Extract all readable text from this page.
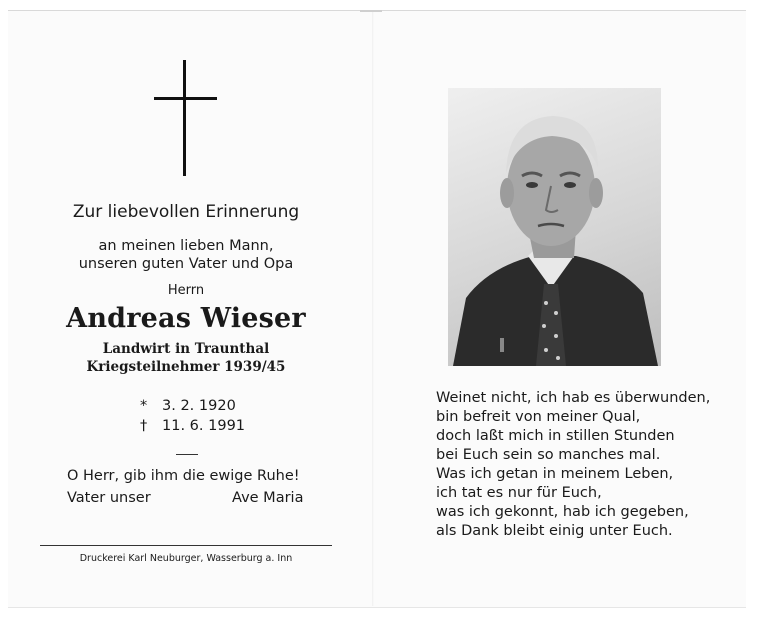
Zur liebevollen Erinnerung
an meinen lieben Mann,
unseren guten Vater und Opa
Herrn
Andreas Wieser
Landwirt in Traunthal
Kriegsteilnehmer 1939/45
* 3. 2. 1920
† 11. 6. 1991
O Herr, gib ihm die ewige Ruhe!
Vater unser	Ave Maria
Druckerei Karl Neuburger, Wasserburg a. Inn
Weinet nicht, ich hab es überwunden,
bin befreit von meiner Qual,
doch laßt mich in stillen Stunden
bei Euch sein so manches mal.
Was ich getan in meinem Leben,
ich tat es nur für Euch,
was ich gekonnt, hab ich gegeben,
als Dank bleibt einig unter Euch.
